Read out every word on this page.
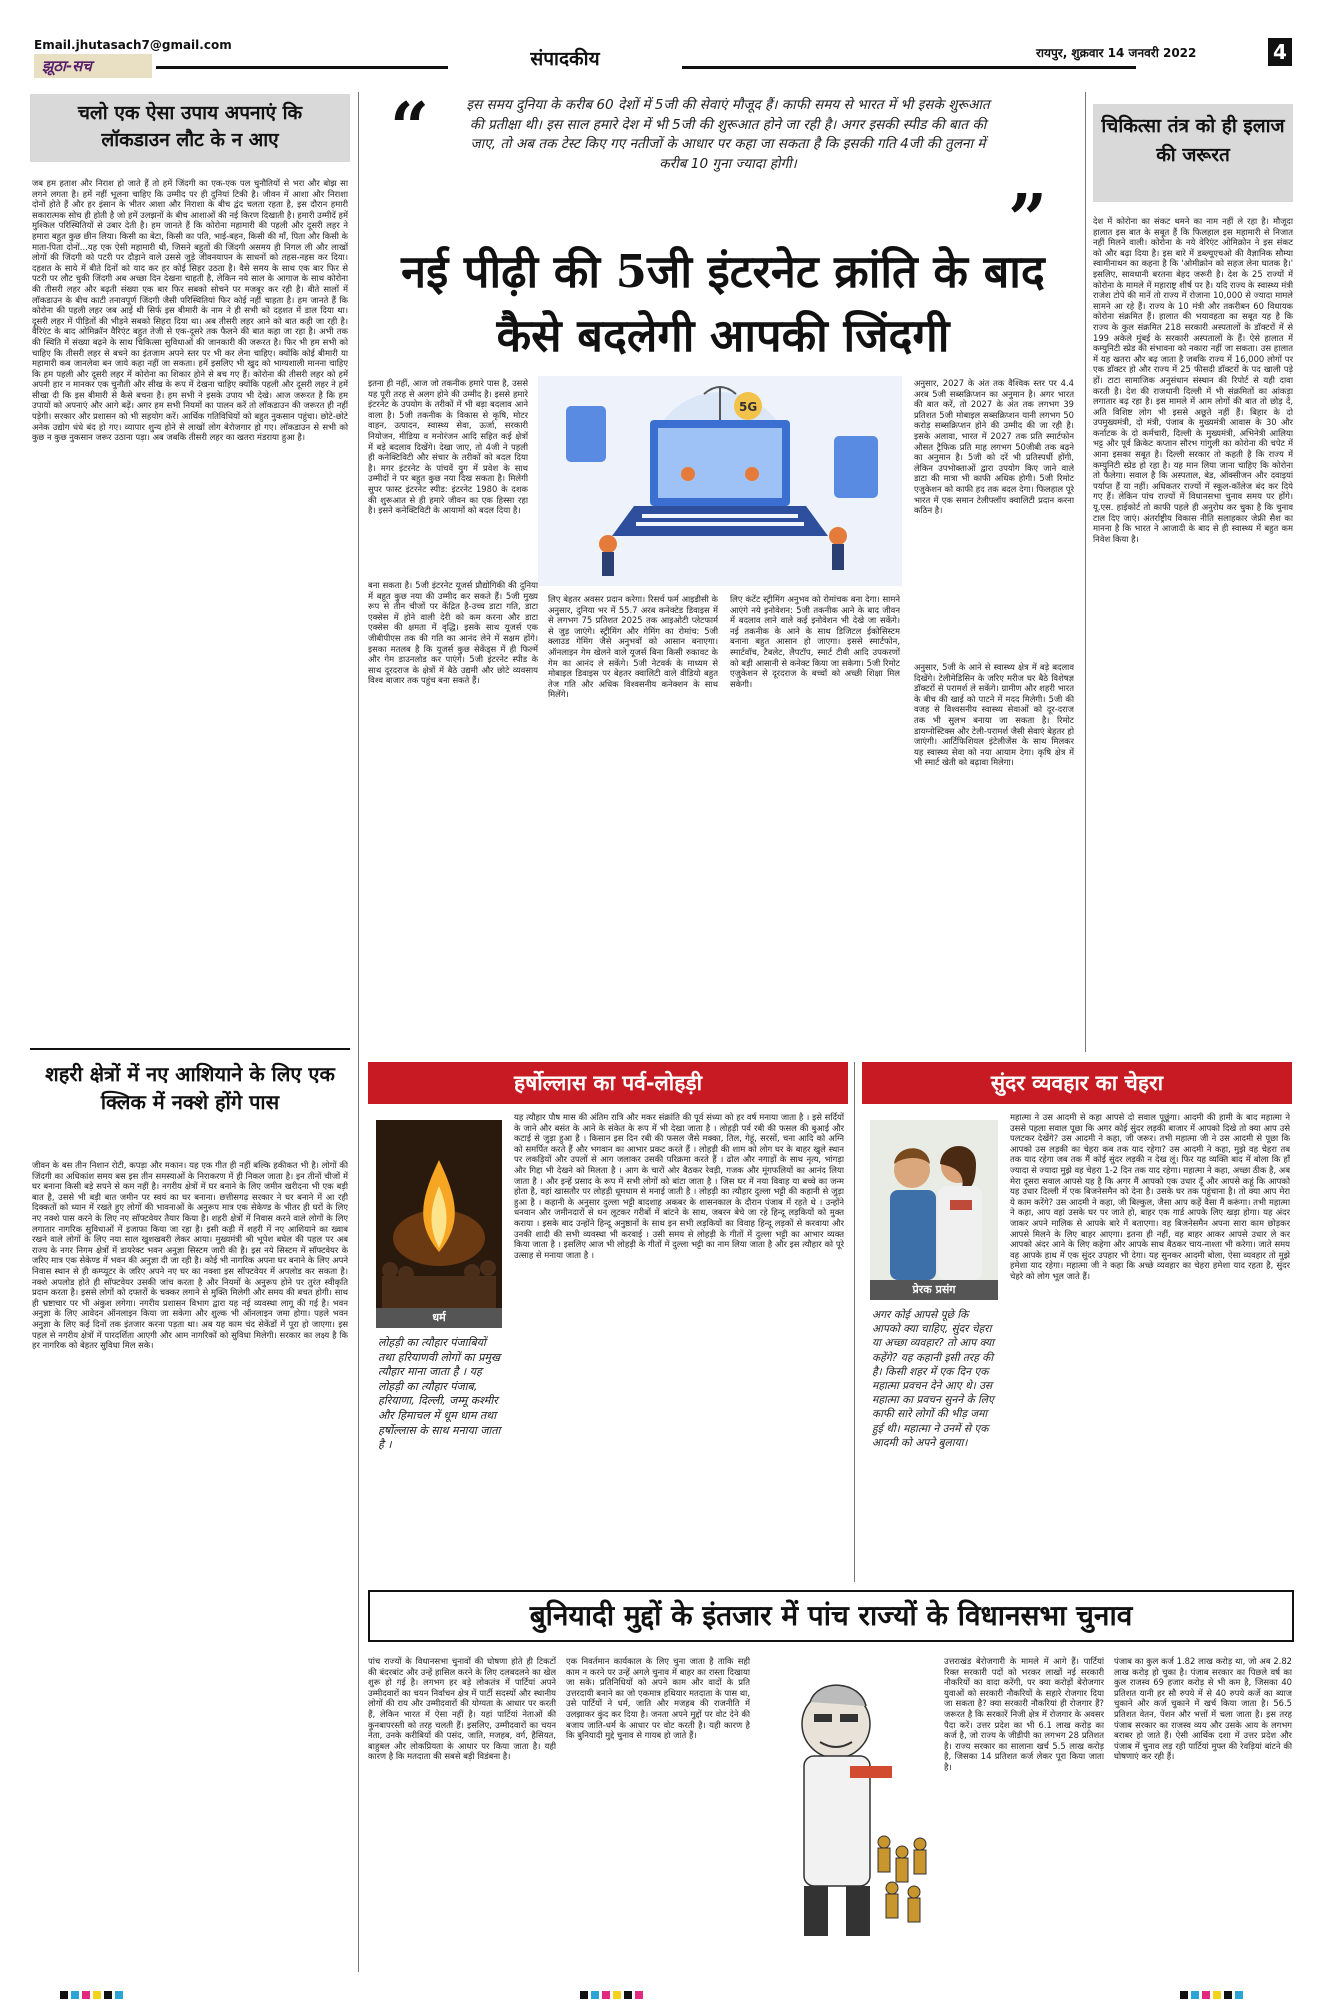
Email.jhutasach7@gmail.com
झूठा-सच	संपादकीय	रायपुर, शुक्रवार 14 जनवरी 2022	4
चलो एक ऐसा उपाय अपनाएं कि लॉकडाउन लौट के न आए
जब हम हताश और निराश हो जाते हैं तो हमें जिंदगी का एक-एक पल चुनौतियों से भरा और बोझ सा लगने लगता है। हमें नहीं भूलना चाहिए कि उम्मीद पर ही दुनियां टिकी है। जीवन में आशा और निराशा दोनों होते हैं और हर इंसान के भीतर आशा और निराशा के बीच द्वंद चलता रहता है, इस दौरान हमारी सकारात्मक सोच ही होती है जो हमें उलझनों के बीच आशाओं की नई किरण दिखाती है। हमारी उम्मीदें हमें मुश्किल परिस्थितियों से उबार देती है। हम जानते हैं कि कोरोना महामारी की पहली और दूसरी लहर ने हमारा बहुत कुछ छीन लिया। किसी का बेटा, किसी का पति, भाई-बहन, किसी की माँ, पिता और किसी के माता-पिता दोनों...यह एक ऐसी महामारी थी, जिसने बहुतों की जिंदगी असमय ही निगल ली और लाखों लोगों की जिंदगी को पटरी पर दौड़ाने वाले उससे जुड़े जीवनयापन के साधनों को तहस-नहस कर दिया। दहशत के साये में बीते दिनों को याद कर हर कोई सिहर उठता है। वैसे समय के साथ एक बार फिर से पटरी पर लौट चुकी जिंदगी अब अच्छा दिन देखना चाहती है, लेकिन नये साल के आगाज के साथ कोरोना की तीसरी लहर और बढ़ती संख्या एक बार फिर सबको सोचने पर मजबूर कर रही है। बीते सालों में लॉकडाउन के बीच काटी तनावपूर्ण जिंदगी जैसी परिस्थितियां फिर कोई नहीं चाहता है। हम जानते हैं कि कोरोना की पहली लहर जब आई थी सिर्फ इस बीमारी के नाम ने ही सभी को दहशत में डाल दिया था। दूसरी लहर में पीड़ितों की भीड़ने सबको सिहरा दिया था। अब तीसरी लहर आने को बात कही जा रही है। वैरिएंट के बाद ओमिक्रॉन वैरिएंट बहुत तेजी से एक-दूसरे तक फैलने की बात कहा जा रहा है। अभी तक की स्थिति में संख्या बढ़ने के साथ चिकित्सा सुविधाओं की जानकारी की जरूरत है। फिर भी हम सभी को चाहिए कि तीसरी लहर से बचने का इंतजाम अपने स्तर पर भी कर लेना चाहिए। क्योंकि कोई बीमारी या महामारी कब जानलेवा बन जाये कहा नहीं जा सकता। हमें इसलिए भी खुद को भाग्यशाली मानना चाहिए कि हम पहली और दूसरी लहर में कोरोना का शिकार होने से बच गए हैं। कोरोना की तीसरी लहर को हमें अपनी हार न मानकर एक चुनौती और सीख के रूप में देखना चाहिए क्योंकि पहली और दूसरी लहर ने हमें सीखा दी कि इस बीमारी से कैसे बचना है। हम सभी ने इसके उपाय भी देखे। आज जरूरत है कि हम उपायों को अपनाएं और आगे बढ़ें। अगर हम सभी नियमों का पालन करें तो लॉकडाउन की जरूरत ही नहीं पड़ेगी। सरकार और प्रशासन को भी सहयोग करें। आर्थिक गतिविधियों को बहुत नुकसान पहुंचा। छोटे-छोटे अनेक उद्योग धंधे बंद हो गए। व्यापार शुन्य होने से लाखों लोग बेरोजगार हो गए। लॉकडाउन से सभी को कुछ न कुछ नुकसान जरूर उठाना पड़ा। अब जबकि तीसरी लहर का खतरा मंडराया हुआ है।
शहरी क्षेत्रों में नए आशियाने के लिए एक क्लिक में नक्शे होंगे पास
जीवन के बस तीन निशान रोटी, कपड़ा और मकान। यह एक गीत ही नहीं बल्कि हकीकत भी है। लोगों की जिंदगी का अधिकांश समय बस इस तीन समस्याओं के निराकरण में ही निकल जाता है। इन तीनों चीजों में घर बनाना किसी बड़े सपने से कम नहीं है। नगरीय क्षेत्रों में घर बनाने के लिए जमीन खरीदना भी एक बड़ी बात है, उससे भी बड़ी बात जमीन पर स्वयं का घर बनाना। छत्तीसगढ़ सरकार ने घर बनाने में आ रही दिक्कतों को ध्यान में रखते हुए लोगों की भावनाओं के अनुरूप मात्र एक सेकेण्ड के भीतर ही घरों के लिए नए नक्शे पास करने के लिए नए सॉफ्टवेयर तैयार किया है। शहरी क्षेत्रों में निवास करने वाले लोगों के लिए लगातार नागरिक सुविधाओं में इजाफा किया जा रहा है। इसी कड़ी में शहरी में नए आशियाने का ख्वाब रखने वाले लोगों के लिए नया साल खुशखबरी लेकर आया। मुख्यमंत्री श्री भूपेश बघेल की पहल पर अब राज्य के नगर निगम क्षेत्रों में डायरेक्ट भवन अनुज्ञा सिस्टम जारी की है। इस नये सिस्टम में सॉफ्टवेयर के जरिए मात्र एक सेकेण्ड में भवन की अनुज्ञा दी जा रही है। कोई भी नागरिक अपना घर बनाने के लिए अपने निवास स्थान से ही कम्प्यूटर के जरिए अपने नए घर का नक्शा इस सॉफ्टवेयर में अपलोड कर सकता है। नक्शे अपलोड होते ही सॉफ्टवेयर उसकी जांच करता है और नियमों के अनुरूप होने पर तुरंत स्वीकृति प्रदान करता है। इससे लोगों को दफ्तरों के चक्कर लगाने से मुक्ति मिलेगी और समय की बचत होगी। साथ ही भ्रष्टाचार पर भी अंकुश लगेगा। नगरीय प्रशासन विभाग द्वारा यह नई व्यवस्था लागू की गई है। भवन अनुज्ञा के लिए आवेदन ऑनलाइन किया जा सकेगा और शुल्क भी ऑनलाइन जमा होगा। पहले भवन अनुज्ञा के लिए कई दिनों तक इंतजार करना पड़ता था। अब यह काम चंद सेकेंडों में पूरा हो जाएगा। इस पहल से नगरीय क्षेत्रों में पारदर्शिता आएगी और आम नागरिकों को सुविधा मिलेगी। सरकार का लक्ष्य है कि हर नागरिक को बेहतर सुविधा मिल सके।
“	इस समय दुनिया के करीब 60 देशों में 5जी की सेवाएं मौजूद हैं। काफी समय से भारत में भी इसके शुरूआत की प्रतीक्षा थी। इस साल हमारे देश में भी 5जी की शुरूआत होने जा रही है। अगर इसकी स्पीड की बात की जाए, तो अब तक टेस्ट किए गए नतीजों के आधार पर कहा जा सकता है कि इसकी गति 4जी की तुलना में करीब 10 गुना ज्यादा होगी।
”
नई पीढ़ी की 5जी इंटरनेट क्रांति के बाद कैसे बदलेगी आपकी जिंदगी
इतना ही नहीं, आज जो तकनीक हमारे पास है, उससे यह पूरी तरह से अलग होने की उम्मीद है। इससे हमारे इंटरनेट के उपयोग के तरीकों में भी बड़ा बदलाव आने वाला है। 5जी तकनीक के विकास से कृषि, मोटर वाहन, उत्पादन, स्वास्थ्य सेवा, ऊर्जा, सरकारी नियोजन, मीडिया व मनोरंजन आदि सहित कई क्षेत्रों में बड़े बदलाव दिखेंगे। देखा जाए, तो 4जी ने पहली ही कनेक्टिविटी और संचार के तरीकों को बदल दिया है। मगर इंटरनेट के पांचवें युग में प्रवेश के साथ उम्मीदों ने पर बहुत कुछ नया दिख सकता है। मिलेगी सुपर फास्ट इंटरनेट स्पीड: इंटरनेट 1980 के दशक की शुरूआत से ही हमारे जीवन का एक हिस्सा रहा है। इसने कनेक्टिविटी के आयामों को बदल दिया है।
5G
अनुसार, 2027 के अंत तक वैश्विक स्तर पर 4.4 अरब 5जी सब्सक्रिप्शन का अनुमान है। अगर भारत की बात करें, तो 2027 के अंत तक लगभग 39 प्रतिशत 5जी मोबाइल सब्सक्रिप्शन यानी लगभग 50 करोड़ सब्सक्रिप्शन होने की उम्मीद की जा रही है। इसके अलावा, भारत में 2027 तक प्रति स्मार्टफोन औसत ट्रैफिक प्रति माह लगभग 50जीबी तक बढ़ने का अनुमान है। 5जी को दरें भी प्रतिस्पर्धी होंगी, लेकिन उपभोक्ताओं द्वारा उपयोग किए जाने वाले डाटा की मात्रा भी काफी अधिक होगी। 5जी रिमोट एजुकेशन को काफी हद तक बदल देगा। फिलहाल पूरे भारत में एक समान टेलीफ्लॉप क्वालिटी प्रदान करना कठिन है।
बना सकता है। 5जी इंटरनेट यूजर्स प्रौद्योगिकी की दुनिया में बहुत कुछ नया की उम्मीद कर सकते हैं। 5जी मुख्य रूप से तीन चीजों पर केंद्रित है-उच्च डाटा गति, डाटा एक्सेस में होने वाली देरी को कम करना और डाटा एक्सेस की क्षमता में वृद्धि। इसके साथ यूजर्स एक जीबीपीएस तक की गति का आनंद लेने में सक्षम होंगे। इसका मतलब है कि यूजर्स कुछ सेकेंड्स में ही फिल्में और गेम डाउनलोड कर पाएंगे। 5जी इंटरनेट स्पीड के साथ दूरदराज के क्षेत्रों में बैठे उद्यमी और छोटे व्यवसाय विश्व बाजार तक पहुंच बना सकते हैं।
लिए बेहतर अवसर प्रदान करेगा। रिसर्च फर्म आइडीसी के अनुसार, दुनिया भर में 55.7 अरब कनेक्टेड डिवाइस में से लगभग 75 प्रतिशत 2025 तक आइओटी प्लेटफार्म से जुड़ जाएंगे। स्ट्रीमिंग और गेमिंग का रोमांच: 5जी क्लाउड गेमिंग जैसे अनुभवों को आसान बनाएगा। ऑनलाइन गेम खेलने वाले यूजर्स बिना किसी रुकावट के गेम का आनंद ले सकेंगे। 5जी नेटवर्क के माध्यम से मोबाइल डिवाइस पर बेहतर क्वालिटी वाले वीडियो बहुत तेज गति और अधिक विश्वसनीय कनेक्शन के साथ मिलेंगे।
लिए कंटेंट स्ट्रीमिंग अनुभव को रोमांचक बना देगा। सामने आएंगे नये इनोवेशन: 5जी तकनीक आने के बाद जीवन में बदलाव लाने वाले कई इनोवेशन भी देखे जा सकेंगे। नई तकनीक के आने के साथ डिजिटल ईकोसिस्टम बनाना बहुत आसान हो जाएगा। इससे स्मार्टफोन, स्मार्टवॉच, टैबलेट, लैपटॉप, स्मार्ट टीवी आदि उपकरणों को बड़ी आसानी से कनेक्ट किया जा सकेगा। 5जी रिमोट एजुकेशन से दूरदराज के बच्चों को अच्छी शिक्षा मिल सकेगी।
अनुसार, 5जी के आने से स्वास्थ्य क्षेत्र में बड़े बदलाव दिखेंगे। टेलीमेडिसिन के जरिए मरीज घर बैठे विशेषज्ञ डॉक्टरों से परामर्श ले सकेंगे। ग्रामीण और शहरी भारत के बीच की खाई को पाटने में मदद मिलेगी। 5जी की वजह से विश्वसनीय स्वास्थ्य सेवाओं को दूर-दराज तक भी सुलभ बनाया जा सकता है। रिमोट डायग्नोस्टिक्स और टेली-परामर्श जैसी सेवाएं बेहतर हो जाएंगी। आर्टिफिशियल इंटेलीजेंस के साथ मिलकर यह स्वास्थ्य सेवा को नया आयाम देगा। कृषि क्षेत्र में भी स्मार्ट खेती को बढ़ावा मिलेगा।
चिकित्सा तंत्र को ही इलाज की जरूरत
देश में कोरोना का संकट थमने का नाम नहीं ले रहा है। मौजूदा हालात इस बात के सबूत हैं कि फिलहाल इस महामारी से निजात नहीं मिलने वाली। कोरोना के नये वेरिएंट ओमिक्रोन ने इस संकट को और बढ़ा दिया है। इस बारे में डब्ल्यूएचओ की वैज्ञानिक सौम्या स्वामीनाथन का कहना है कि 'ओमीक्रोन को सहज लेना घातक है।' इसलिए, सावधानी बरतना बेहद जरूरी है। देश के 25 राज्यों में कोरोना के मामले में महाराष्ट्र शीर्ष पर है। यदि राज्य के स्वास्थ्य मंत्री राजेश टोपे की मानें तो राज्य में रोजाना 10,000 से ज्यादा मामले सामने आ रहे हैं। राज्य के 10 मंत्री और तकरीबन 60 विधायक कोरोना संक्रमित हैं। हालात की भयावहता का सबूत यह है कि राज्य के कुल संक्रमित 218 सरकारी अस्पतालों के डॉक्टरों में से 199 अकेले मुंबई के सरकारी अस्पतालों के हैं। ऐसे हालात में कम्युनिटी स्प्रेड की संभावना को नकारा नहीं जा सकता। उस हालात में यह खतरा और बढ़ जाता है जबकि राज्य में 16,000 लोगों पर एक डॉक्टर हो और राज्य में 25 फीसदी डॉक्टरों के पद खाली पड़े हों। टाटा सामाजिक अनुसंधान संस्थान की रिपोर्ट से यही दावा करती है। देश की राजधानी दिल्ली में भी संक्रमितों का आंकड़ा लगातार बढ़ रहा है। इस मामले में आम लोगों की बात तो छोड़ दें, अति विशिष्ट लोग भी इससे अछूते नहीं हैं। बिहार के दो उपमुख्यमंत्री, दो मंत्री, पंजाब के मुख्यमंत्री आवास के 30 और कर्नाटक के दो कर्मचारी, दिल्ली के मुख्यमंत्री, अभिनेत्री आलिया भट्ट और पूर्व क्रिकेट कप्तान सौरभ गांगुली का कोरोना की चपेट में आना इसका सबूत है। दिल्ली सरकार तो कहती है कि राज्य में कम्युनिटी स्प्रेड हो रहा है। यह मान लिया जाना चाहिए कि कोरोना तो फैलेगा। सवाल है कि अस्पताल, बेड, ऑक्सीजन और दवाइयां पर्याप्त हैं या नहीं। अधिकतर राज्यों में स्कूल-कॉलेज बंद कर दिये गए हैं। लेकिन पांच राज्यों में विधानसभा चुनाव समय पर होंगे। यू.एस. हाईकोर्ट तो काफी पहले ही अनुरोध कर चुका है कि चुनाव टाल दिए जाएं। अंतर्राष्ट्रीय विकास नीति सलाहकार जेफ्री सैश का मानना है कि भारत ने आजादी के बाद से ही स्वास्थ्य में बहुत कम निवेश किया है।
हर्षोल्लास का पर्व-लोहड़ी
धर्म
लोहड़ी का त्यौहार पंजाबियों तथा हरियाणवी लोगों का प्रमुख त्यौहार माना जाता है । यह लोहड़ी का त्यौहार पंजाब, हरियाणा, दिल्ली, जम्मू कश्मीर और हिमाचल में धूम धाम तथा हर्षोल्लास के साथ मनाया जाता है ।
यह त्यौहार पौष मास की अंतिम रात्रि और मकर संक्रांति की पूर्व संध्या को हर वर्ष मनाया जाता है । इसे सर्दियों के जाने और बसंत के आने के संकेत के रूप में भी देखा जाता है । लोहड़ी पर्व रबी की फसल की बुआई और कटाई से जुड़ा हुआ है । किसान इस दिन रबी की फसल जैसे मक्का, तिल, गेहूं, सरसों, चना आदि को अग्नि को समर्पित करते हैं और भगवान का आभार प्रकट करते हैं । लोहड़ी की शाम को लोग घर के बाहर खुले स्थान पर लकड़ियों और उपलों से आग जलाकर उसकी परिक्रमा करते हैं । ढोल और नगाड़ों के साथ नृत्य, भांगड़ा और गिद्दा भी देखने को मिलता है । आग के चारों ओर बैठकर रेवड़ी, गजक और मूंगफलियों का आनंद लिया जाता है । और इन्हें प्रसाद के रूप में सभी लोगों को बांटा जाता है । जिस घर में नया विवाह या बच्चे का जन्म होता है, वहां खासतौर पर लोहड़ी धूमधाम से मनाई जाती है । लोहड़ी का त्यौहार दुल्ला भट्टी की कहानी से जुड़ा हुआ है । कहानी के अनुसार दुल्ला भट्टी बादशाह अकबर के शासनकाल के दौरान पंजाब में रहते थे । उन्होंने धनवान और जमीनदारों से धन लूटकर गरीबों में बांटने के साथ, जबरन बेचे जा रहे हिन्दू लड़कियों को मुक्त कराया । इसके बाद उन्होंने हिन्दू अनुष्ठानों के साथ इन सभी लड़कियों का विवाह हिन्दू लड़कों से करवाया और उनकी शादी की सभी व्यवस्था भी करवाई । उसी समय से लोहड़ी के गीतों में दुल्ला भट्टी का आभार व्यक्त किया जाता है । इसलिए आज भी लोहड़ी के गीतों में दुल्ला भट्टी का नाम लिया जाता है और इस त्यौहार को पूरे उत्साह से मनाया जाता है ।
सुंदर व्यवहार का चेहरा
प्रेरक प्रसंग
अगर कोई आपसे पूछे कि आपको क्या चाहिए, सुंदर चेहरा या अच्छा व्यवहार? तो आप क्या कहेंगे? यह कहानी इसी तरह की है। किसी शहर में एक दिन एक महात्मा प्रवचन देने आए थे। उस महात्मा का प्रवचन सुनने के लिए काफी सारे लोगों की भीड़ जमा हुई थी। महात्मा ने उनमें से एक आदमी को अपने बुलाया।
महात्मा ने उस आदमी से कहा आपसे दो सवाल पूछूंगा। आदमी की हामी के बाद महात्मा ने उससे पहला सवाल पूछा कि अगर कोई सुंदर लड़की बाजार में आपको दिखे तो क्या आप उसे पलटकर देखेंगे? उस आदमी ने कहा, जी जरूर। तभी महात्मा जी ने उस आदमी से पूछा कि आपको उस लड़की का चेहरा कब तक याद रहेगा? उस आदमी ने कहा, मुझे वह चेहरा तब तक याद रहेगा जब तक मैं कोई सुंदर लड़की न देख लूं। फिर यह व्यक्ति बाद में बोला कि हाँ ज्यादा से ज्यादा मुझे वह चेहरा 1-2 दिन तक याद रहेगा। महात्मा ने कहा, अच्छा ठीक है, अब मेरा दूसरा सवाल आपसे यह है कि अगर मैं आपको एक उधार दूँ और आपसे कहूं कि आपको यह उधार दिल्ली में एक बिजनेसमैन को देना है। उसके घर तक पहुंचाना है। तो क्या आप मेरा ये काम करेंगे? उस आदमी ने कहा, जी बिल्कुल, जैसा आप कहें वैसा मैं करूंगा। तभी महात्मा ने कहा, आप वहां उसके घर पर जाते हो, बाहर एक गार्ड आपके लिए खड़ा होगा। यह अंदर जाकर अपने मालिक से आपके बारे में बताएगा। वह बिजनेसमैन अपना सारा काम छोड़कर आपसे मिलने के लिए बाहर आएगा। इतना ही नहीं, वह बाहर आकर आपसे उधार ले कर आपको अंदर आने के लिए कहेगा और आपके साथ बैठकर चाय-नाश्ता भी करेगा। जाते समय वह आपके हाथ में एक सुंदर उपहार भी देगा। यह सुनकर आदमी बोला, ऐसा व्यवहार तो मुझे हमेशा याद रहेगा। महात्मा जी ने कहा कि अच्छे व्यवहार का चेहरा हमेशा याद रहता है, सुंदर चेहरे को लोग भूल जाते हैं।
बुनियादी मुद्दों के इंतजार में पांच राज्यों के विधानसभा चुनाव
पांच राज्यों के विधानसभा चुनावों की घोषणा होते ही टिकटों की बंदरबांट और उन्हें हासिल करने के लिए दलबदलने का खेल शुरू हो गई है। लगभग हर बड़े लोकतंत्र में पार्टियां अपने उम्मीदवारों का चयन निर्वाचन क्षेत्र में पार्टी सदस्यों और स्थानीय लोगों की राय और उम्मीदवारों की योग्यता के आधार पर करती हैं, लेकिन भारत में ऐसा नहीं है। यहां पार्टियां नेताओं की कुनबापरस्ती को तरह चलती हैं। इसलिए, उम्मीदवारों का चयन नेता, उनके करीबियों की पसंद, जाति, मजहब, वर्ग, हैसियत, बाहुबल और लोकप्रियता के आधार पर किया जाता है। यही कारण है कि मतदाता की सबसे बड़ी विडंबना है।
एक निवर्तमान कार्यकाल के लिए चुना जाता है ताकि सही काम न करने पर उन्हें अगले चुनाव में बाहर का रास्ता दिखाया जा सके। प्रतिनिधियों को अपने काम और वादों के प्रति उत्तरदायी बनाने का जो एकमात्र हथियार मतदाता के पास था, उसे पार्टियों ने धर्म, जाति और मजहब की राजनीति में उलझाकर कुंद कर दिया है। जनता अपने मुद्दों पर वोट देने की बजाय जाति-धर्म के आधार पर वोट करती है। यही कारण है कि बुनियादी मुद्दे चुनाव से गायब हो जाते हैं।
उत्तराखंड बेरोजगारी के मामले में आगे हैं। पार्टियां रिक्त सरकारी पदों को भरकर लाखों नई सरकारी नौकरियों का वादा करेंगी, पर क्या करोड़ों बेरोजगार युवाओं को सरकारी नौकरियों के सहारे रोजगार दिया जा सकता है? क्या सरकारी नौकरियां ही रोजगार हैं? जरूरत है कि सरकारें निजी क्षेत्र में रोजगार के अवसर पैदा करें। उत्तर प्रदेश का भी 6.1 लाख करोड़ का कर्ज है, जो राज्य के जीडीपी का लगभग 28 प्रतिशत है। राज्य सरकार का सालाना खर्च 5.5 लाख करोड़ है, जिसका 14 प्रतिशत कर्ज लेकर पूरा किया जाता है।
पंजाब का कुल कर्ज 1.82 लाख करोड़ था, जो अब 2.82 लाख करोड़ हो चुका है। पंजाब सरकार का पिछले वर्ष का कुल राजस्व 69 हजार करोड़ से भी कम है, जिसका 40 प्रतिशत यानी हर सौ रुपये में से 40 रुपये कर्जे का ब्याज चुकाने और कर्ज चुकाने में खर्च किया जाता है। 56.5 प्रतिशत वेतन, पेंशन और भत्तों में चला जाता है। इस तरह पंजाब सरकार का राजस्व व्यय और उसके आय के लगभग बराबर हो जाते हैं। ऐसी आर्थिक दशा में उत्तर प्रदेश और पंजाब में चुनाव लड़ रही पार्टियां मुफ्त की रेवड़ियां बांटने की घोषणाएं कर रही हैं।
